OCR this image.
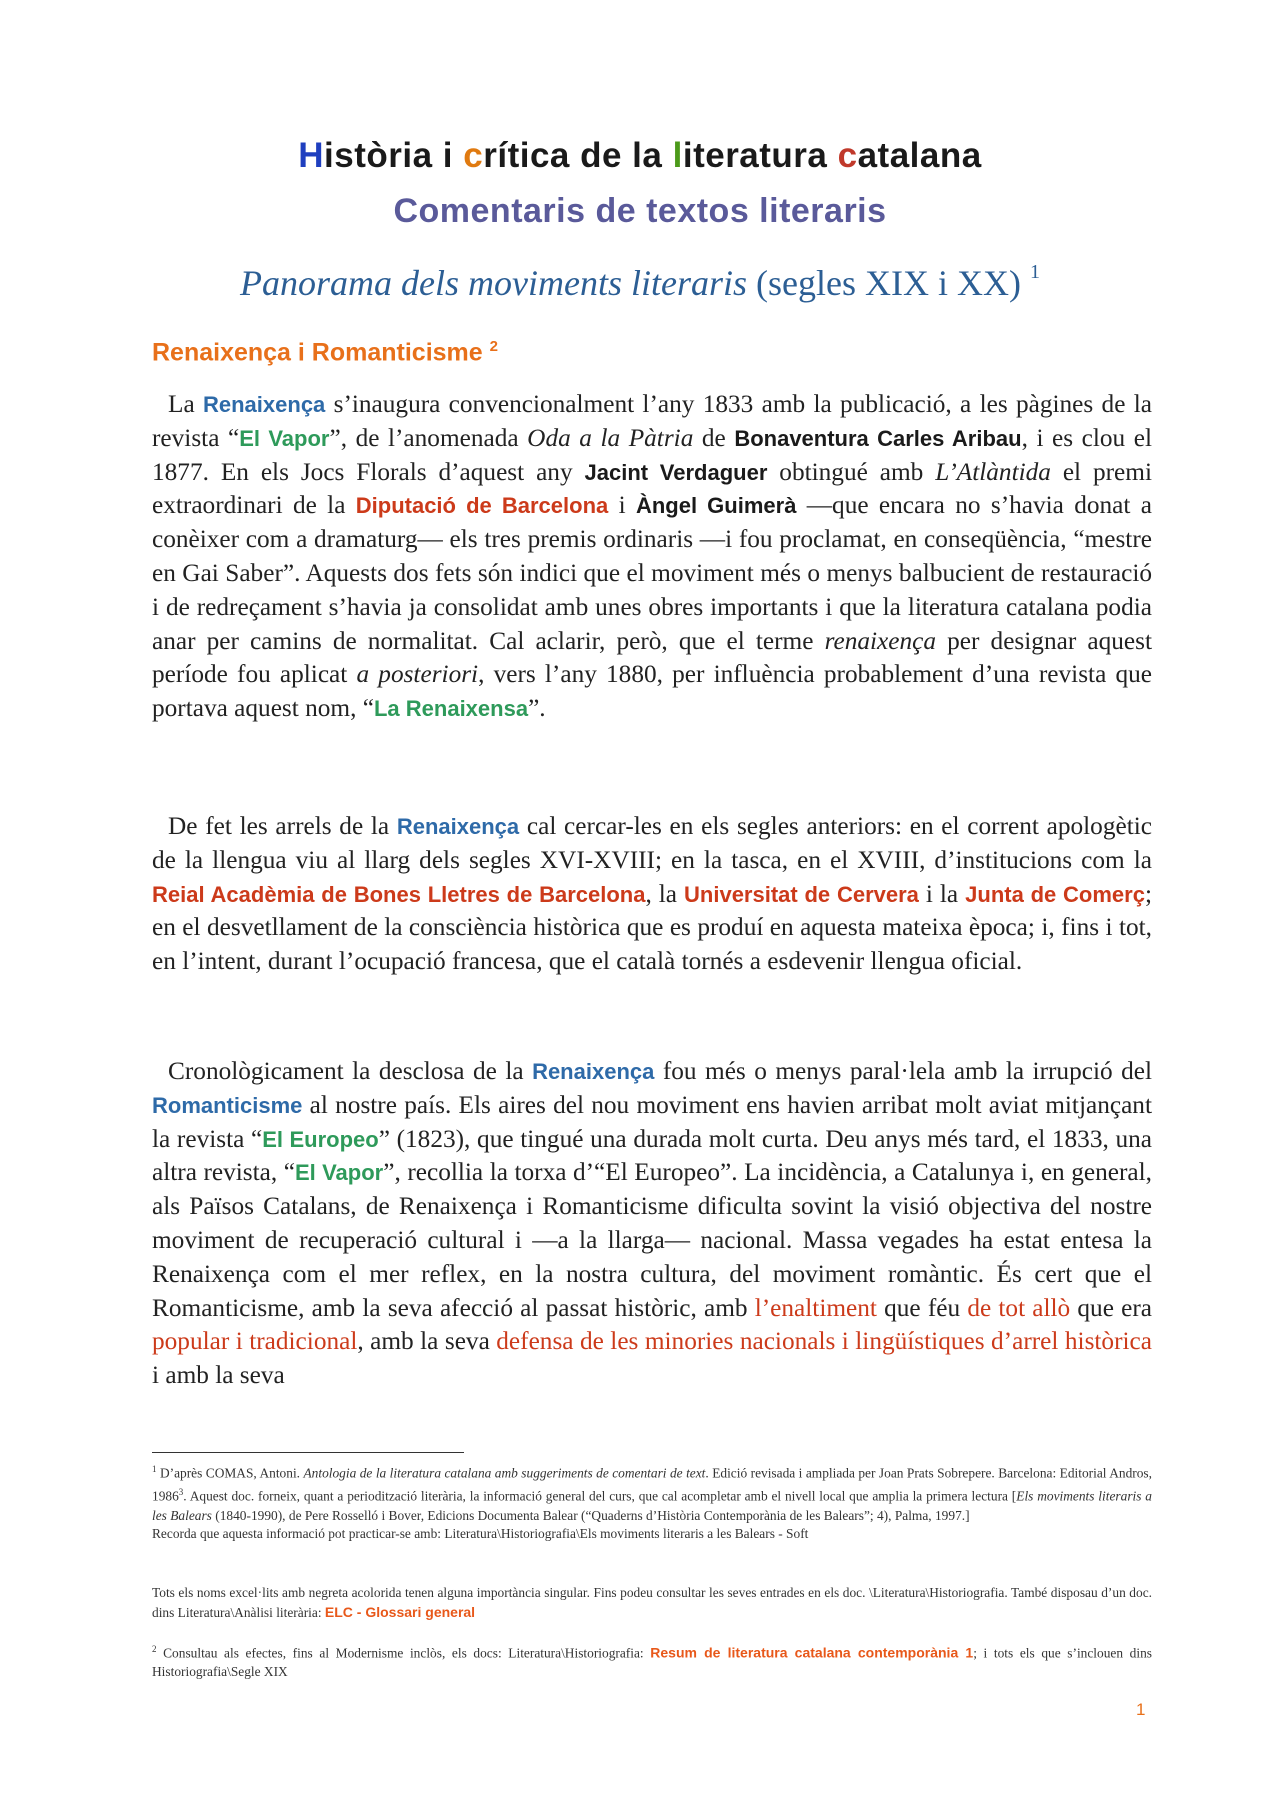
Història i crítica de la literatura catalana
Comentaris de textos literaris
Panorama dels moviments literaris (segles XIX i XX) $^1$
Renaixença i Romanticisme $^2$

La Renaixença s’inaugura convencionalment l’any 1833 amb la publicació, a les pàgines de la revista “El Vapor”, de l’anomenada Oda a la Pàtria de Bonaventura Carles Aribau, i es clou el 1877. En els Jocs Florals d’aquest any Jacint Verdaguer obtingué amb L’Atlàntida el premi extraordinari de la Diputació de Barcelona i Àngel Guimerà —que encara no s’havia donat a conèixer com a dramaturg— els tres premis ordinaris —i fou proclamat, en conseqüència, “mestre en Gai Saber”. Aquests dos fets són indici que el moviment més o menys balbucient de restauració i de redreçament s’havia ja consolidat amb unes obres importants i que la literatura catalana podia anar per camins de normalitat. Cal aclarir, però, que el terme renaixença per designar aquest període fou aplicat a posteriori, vers l’any 1880, per influència probablement d’una revista que portava aquest nom, “La Renaixensa”.

De fet les arrels de la Renaixença cal cercar-les en els segles anteriors: en el corrent apologètic de la llengua viu al llarg dels segles XVI-XVIII; en la tasca, en el XVIII, d’institucions com la Reial Acadèmia de Bones Lletres de Barcelona, la Universitat de Cervera i la Junta de Comerç; en el desvetllament de la consciència històrica que es produí en aquesta mateixa època; i, fins i tot, en l’intent, durant l’ocupació francesa, que el català tornés a esdevenir llengua oficial.

Cronològicament la desclosa de la Renaixença fou més o menys paral·lela amb la irrupció del Romanticisme al nostre país. Els aires del nou moviment ens havien arribat molt aviat mitjançant la revista “El Europeo” (1823), que tingué una durada molt curta. Deu anys més tard, el 1833, una altra revista, “El Vapor”, recollia la torxa d’“El Europeo”. La incidència, a Catalunya i, en general, als Països Catalans, de Renaixença i Romanticisme dificulta sovint la visió objectiva del nostre moviment de recuperació cultural i —a la llarga— nacional. Massa vegades ha estat entesa la Renaixença com el mer reflex, en la nostra cultura, del moviment romàntic. És cert que el Romanticisme, amb la seva afecció al passat històric, amb l’enaltiment que féu de tot allò que era popular i tradicional, amb la seva defensa de les minories nacionals i lingüístiques d’arrel històrica i amb la seva

$^1$ D’après COMAS, Antoni. Antologia de la literatura catalana amb suggeriments de comentari de text. Edició revisada i ampliada per Joan Prats Sobrepere. Barcelona: Editorial Andros, 1986$^3$. Aquest doc. forneix, quant a periodització literària, la informació general del curs, que cal acompletar amb el nivell local que amplia la primera lectura [Els moviments literaris a les Balears (1840-1990), de Pere Rosselló i Bover, Edicions Documenta Balear (“Quaderns d’Història Contemporània de les Balears”; 4), Palma, 1997.]

Recorda que aquesta informació pot practicar-se amb: Literatura\Historiografia\Els moviments literaris a les Balears - Soft

Tots els noms excel·lits amb negreta acolorida tenen alguna importància singular. Fins podeu consultar les seves entrades en els doc. \Literatura\Historiografia. També disposau d’un doc. dins Literatura\Anàlisi literària: ELC - Glossari general

$^2$ Consultau als efectes, fins al Modernisme inclòs, els docs: Literatura\Historiografia: Resum de literatura catalana contemporània 1; i tots els que s’inclouen dins Historiografia\Segle XIX

1
